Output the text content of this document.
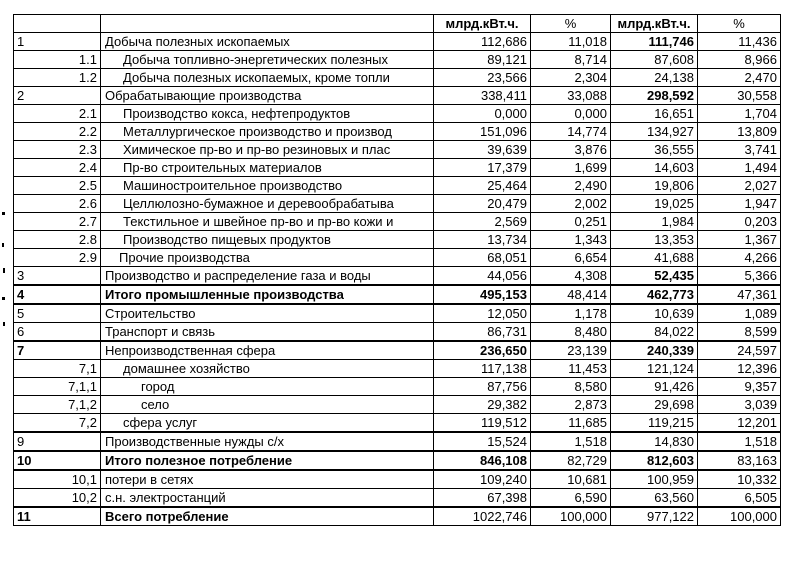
		млрд.кВт.ч.	%	млрд.кВт.ч.	%
1	Добыча полезных ископаемых	112,686	11,018	111,746	11,436
1.1	Добыча топливно-энергетических полезных	89,121	8,714	87,608	8,966
1.2	Добыча полезных ископаемых, кроме топли	23,566	2,304	24,138	2,470
2	Обрабатывающие производства	338,411	33,088	298,592	30,558
2.1	Производство кокса, нефтепродуктов	0,000	0,000	16,651	1,704
2.2	Металлургическое производство и производ	151,096	14,774	134,927	13,809
2.3	Химическое пр-во и пр-во резиновых и плас	39,639	3,876	36,555	3,741
2.4	Пр-во строительных материалов	17,379	1,699	14,603	1,494
2.5	Машиностроительное производство	25,464	2,490	19,806	2,027
2.6	Целлюлозно-бумажное и деревообрабатыва	20,479	2,002	19,025	1,947
2.7	Текстильное и швейное пр-во и пр-во кожи и	2,569	0,251	1,984	0,203
2.8	Производство пищевых продуктов	13,734	1,343	13,353	1,367
2.9	Прочие производства	68,051	6,654	41,688	4,266
3	Производство и распределение газа и воды	44,056	4,308	52,435	5,366
4	Итого промышленные производства	495,153	48,414	462,773	47,361
5	Строительство	12,050	1,178	10,639	1,089
6	Транспорт и связь	86,731	8,480	84,022	8,599
7	Непроизводственная сфера	236,650	23,139	240,339	24,597
7,1	домашнее хозяйство	117,138	11,453	121,124	12,396
7,1,1	город	87,756	8,580	91,426	9,357
7,1,2	село	29,382	2,873	29,698	3,039
7,2	сфера услуг	119,512	11,685	119,215	12,201
9	Производственные нужды с/х	15,524	1,518	14,830	1,518
10	Итого полезное потребление	846,108	82,729	812,603	83,163
10,1	потери в сетях	109,240	10,681	100,959	10,332
10,2	с.н. электростанций	67,398	6,590	63,560	6,505
11	Всего потребление	1022,746	100,000	977,122	100,000
